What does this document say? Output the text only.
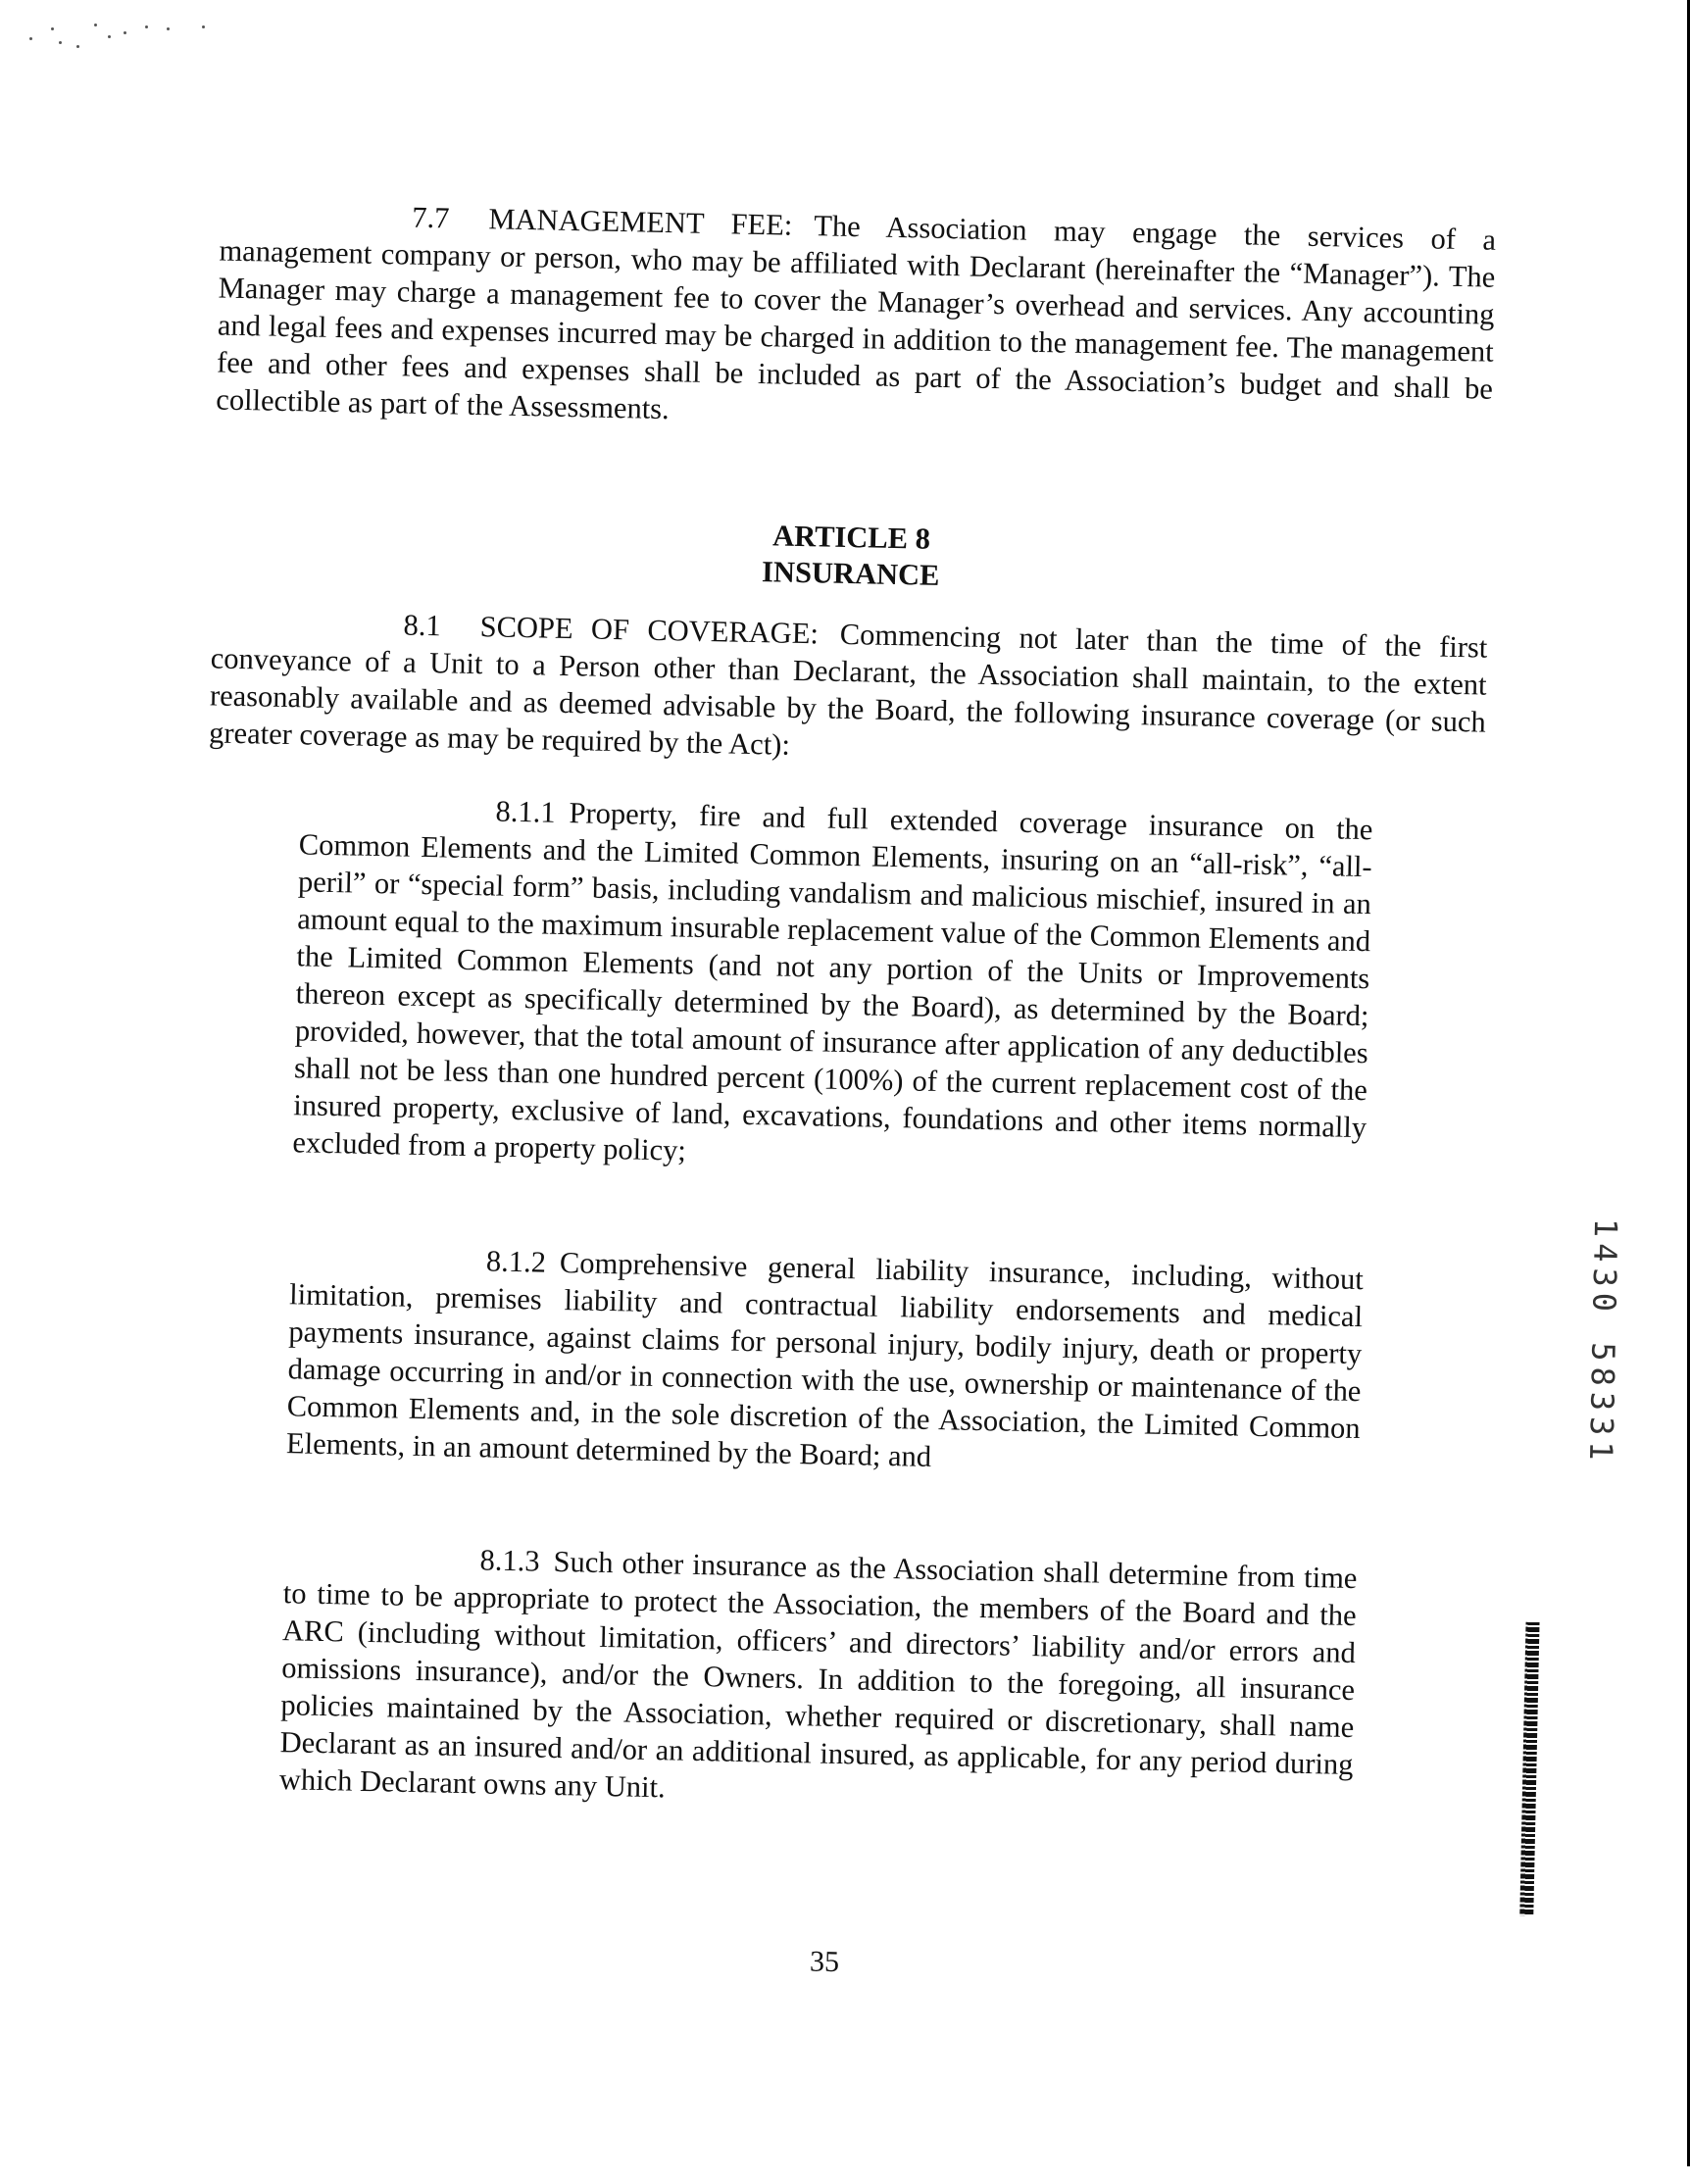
7.7 MANAGEMENT FEE: The Association may engage the services of a management company or person, who may be affiliated with Declarant (hereinafter the “Manager”). The Manager may charge a management fee to cover the Manager’s overhead and services. Any accounting and legal fees and expenses incurred may be charged in addition to the management fee. The management fee and other fees and expenses shall be included as part of the Association’s budget and shall be collectible as part of the Assessments.

ARTICLE 8
INSURANCE

8.1 SCOPE OF COVERAGE: Commencing not later than the time of the first conveyance of a Unit to a Person other than Declarant, the Association shall maintain, to the extent reasonably available and as deemed advisable by the Board, the following insurance coverage (or such greater coverage as may be required by the Act):

8.1.1 Property, fire and full extended coverage insurance on the Common Elements and the Limited Common Elements, insuring on an “all-risk”, “all-peril” or “special form” basis, including vandalism and malicious mischief, insured in an amount equal to the maximum insurable replacement value of the Common Elements and the Limited Common Elements (and not any portion of the Units or Improvements thereon except as specifically determined by the Board), as determined by the Board; provided, however, that the total amount of insurance after application of any deductibles shall not be less than one hundred percent (100%) of the current replacement cost of the insured property, exclusive of land, excavations, foundations and other items normally excluded from a property policy;

8.1.2 Comprehensive general liability insurance, including, without limitation, premises liability and contractual liability endorsements and medical payments insurance, against claims for personal injury, bodily injury, death or property damage occurring in and/or in connection with the use, ownership or maintenance of the Common Elements and, in the sole discretion of the Association, the Limited Common Elements, in an amount determined by the Board; and

8.1.3 Such other insurance as the Association shall determine from time to time to be appropriate to protect the Association, the members of the Board and the ARC (including without limitation, officers’ and directors’ liability and/or errors and omissions insurance), and/or the Owners. In addition to the foregoing, all insurance policies maintained by the Association, whether required or discretionary, shall name Declarant as an insured and/or an additional insured, as applicable, for any period during which Declarant owns any Unit.

35

1430 58331
